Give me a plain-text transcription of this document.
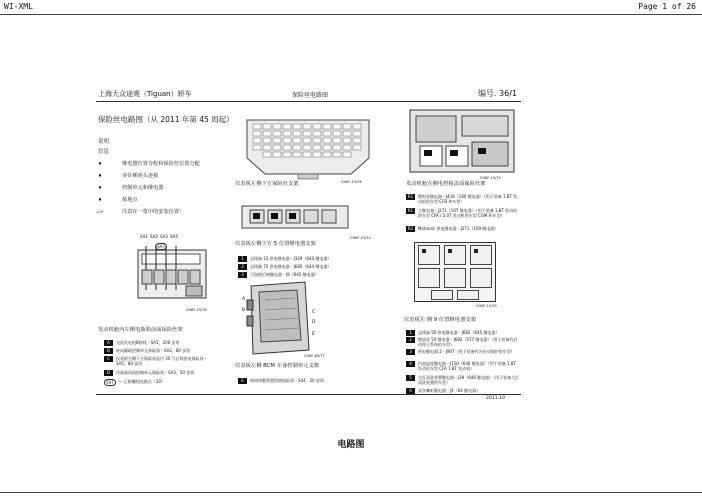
WI-XML	Page 1 of 26
上海大众途观（Tiguan）轿车	保险丝电路图	编号. 36/1
保险丝电路图（从 2011 年第 45 周起）
说明
信息
♦	继电器位置分配和保险丝位置分配
♦	多针插座头连接
♦	控制单元和继电器
♦	接地点
=>	注意在一览中的安装位置！
CHKF-15/76
仪表板左侧下方保险丝支架
CHKF-15/34
仪表板左侧下方 5 位置继电器支架
1	总线端 15 供电继电器 - J329（643 继电器）
2	总线端 75 供电继电器 - J680（644 继电器）
3	可加热后窗继电器 - J9（645 继电器）
A
B	C
D
E
CHKF-65/77
仪表板左侧 BCM 车身控制单元支架
E	座椅调整装置热熔保险丝 - S44，20 安培
SA1 SA2 SA3 SA5
SA7
CHKF-15/78
发动机舱内左侧电瓶箱前面保险丝架
A	交流发电机B接线 - SA1，200 安培
B	转向辅助控制单元保险丝 - SA2，80 安培
C	仪表板左侧下方保险丝盒内 30 号总线供电保险丝 - SA5，80 安培
D	冷却液风扇控制单元保险丝 - SA3，50 安培
597	— 正极螺栓连接点（30）
CHKF-15/79
发动机舱左侧电控箱盖面保险丝架
R1	燃料泵继电器 - J416（100 继电器）（用于装备 1.8T 发动机的车型 CFB 和车型）
R1	主继电器 - J271（107 继电器）（用于装备 1.8T 发动机的车型 CFA / 2.0T 发动机的车型 CGM 和车型）
R2	Motronic 供电继电器 - J271（109 继电器）
CHKF-15/35
仪表板左 侧 9 位置继电器支架
1	总线端 50 供电继电器 - J682（645 继电器）
2	燃油泵 50 继电器 - J682（577 继电器）（用于装备有启动停止系统的车型）
3	供电继电器 2 - J907（用于装备有冷启动保护的车型）
4	内部温度继电器 - J110（646 继电器）（用于装备 1.8T 发动机车型 CFA 1.8T 发动机）
5	大灯清洗装置继电器 - J39（646 继电器）（用于装备大灯清洗装置的车型）
6	双音喇叭继电器 - J4（64 继电器）
2011.10
电路图
